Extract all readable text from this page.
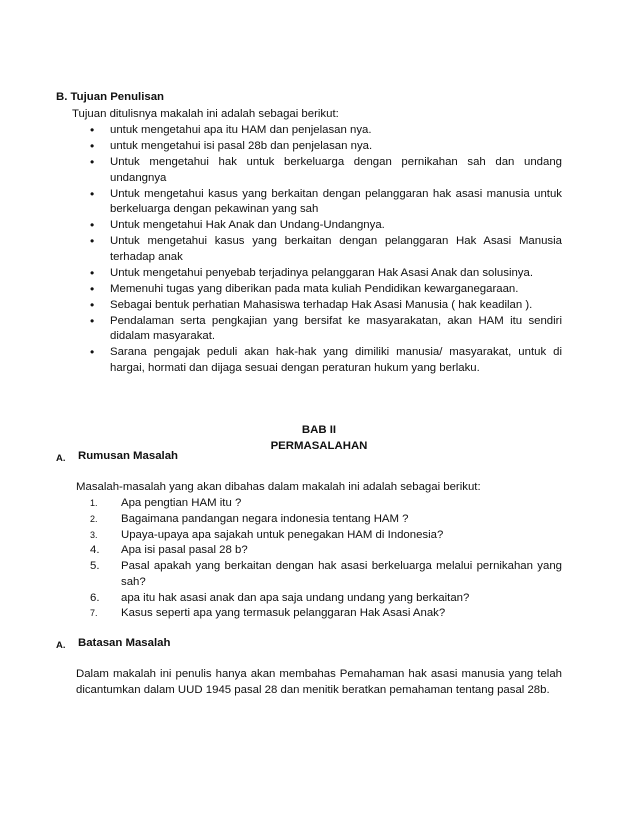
B. Tujuan Penulisan
Tujuan ditulisnya makalah ini adalah sebagai berikut:
• untuk mengetahui apa itu HAM dan penjelasan nya.
• untuk mengetahui isi pasal 28b dan penjelasan nya.
• Untuk mengetahui hak untuk berkeluarga dengan pernikahan sah dan undang undangnya
• Untuk mengetahui kasus yang berkaitan dengan pelanggaran hak asasi manusia untuk berkeluarga dengan pekawinan yang sah
• Untuk mengetahui Hak Anak dan Undang-Undangnya.
• Untuk mengetahui kasus yang berkaitan dengan pelanggaran Hak Asasi Manusia terhadap anak
• Untuk mengetahui penyebab terjadinya pelanggaran Hak Asasi Anak dan solusinya.
• Memenuhi tugas yang diberikan pada mata kuliah Pendidikan kewarganegaraan.
• Sebagai bentuk perhatian Mahasiswa terhadap Hak Asasi Manusia ( hak keadilan ).
• Pendalaman serta pengkajian yang bersifat ke masyarakatan, akan HAM itu sendiri didalam masyarakat.
• Sarana pengajak peduli akan hak-hak yang dimiliki manusia/ masyarakat, untuk di hargai, hormati dan dijaga sesuai dengan peraturan hukum yang berlaku.
BAB II
PERMASALAHAN
A. Rumusan Masalah
Masalah-masalah yang akan dibahas dalam makalah ini adalah sebagai berikut:
1. Apa pengtian HAM itu ?
2. Bagaimana pandangan negara indonesia tentang HAM ?
3. Upaya-upaya apa sajakah untuk penegakan HAM di Indonesia?
4. Apa isi pasal pasal 28 b?
5. Pasal apakah yang berkaitan dengan hak asasi berkeluarga melalui pernikahan yang sah?
6. apa itu hak asasi anak dan apa saja undang undang yang berkaitan?
7. Kasus seperti apa yang termasuk pelanggaran Hak Asasi Anak?
A. Batasan Masalah
Dalam makalah ini penulis hanya akan membahas Pemahaman hak asasi manusia yang telah dicantumkan dalam UUD 1945 pasal 28 dan menitik beratkan pemahaman tentang pasal 28b.
